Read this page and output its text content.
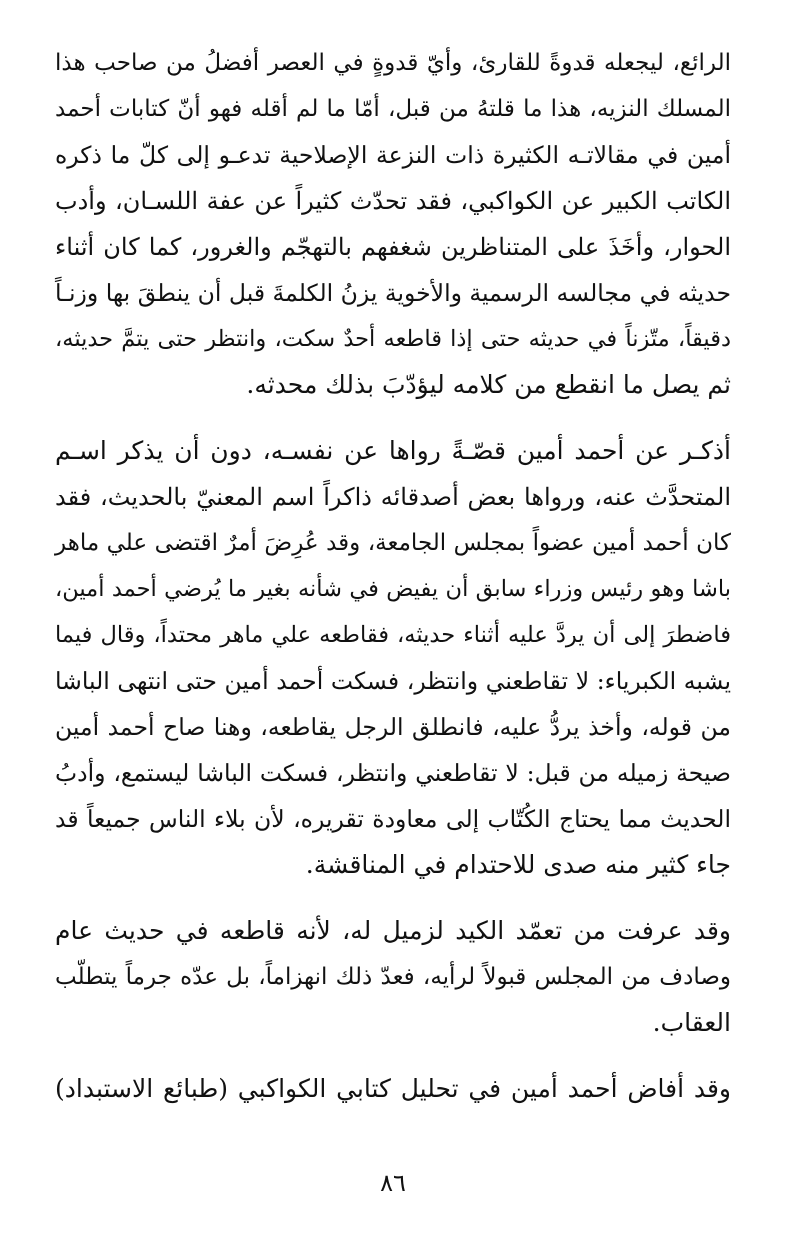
الرائع، ليجعله قدوةً للقارئ، وأيّ قدوةٍ في العصر أفضلُ من صاحب هذا
المسلك النزيه، هذا ما قلتهُ من قبل، أمّا ما لم أقله فهو أنّ كتابات أحمد
أمين في مقالاتـه الكثيرة ذات النزعة الإصلاحية تدعـو إلى كلّ ما ذكره
الكاتب الكبير عن الكواكبي، فقد تحدّث كثيراً عن عفة اللسـان، وأدب
الحوار، وأخَذَ على المتناظرين شغفهم بالتهجّم والغرور، كما كان أثناء
حديثه في مجالسه الرسمية والأخوية يزنُ الكلمةَ قبل أن ينطقَ بها وزنـاً
دقيقاً، متّزناً في حديثه حتى إذا قاطعه أحدٌ سكت، وانتظر حتى يتمَّ حديثه،
ثم يصل ما انقطع من كلامه ليؤدّبَ بذلك محدثه.
أذكـر عن أحمد أمين قصّـةً رواها عن نفسـه، دون أن يذكر اسـم
المتحدَّث عنه، ورواها بعض أصدقائه ذاكراً اسم المعنيّ بالحديث، فقد
كان أحمد أمين عضواً بمجلس الجامعة، وقد عُرِضَ أمرٌ اقتضى علي ماهر
باشا وهو رئيس وزراء سابق أن يفيض في شأنه بغير ما يُرضي أحمد أمين،
فاضطرَ إلى أن يردَّ عليه أثناء حديثه، فقاطعه علي ماهر محتداً، وقال فيما
يشبه الكبرياء: لا تقاطعني وانتظر، فسكت أحمد أمين حتى انتهى الباشا
من قوله، وأخذ يردُّ عليه، فانطلق الرجل يقاطعه، وهنا صاح أحمد أمين
صيحة زميله من قبل: لا تقاطعني وانتظر، فسكت الباشا ليستمع، وأدبُ
الحديث مما يحتاج الكُتّاب إلى معاودة تقريره، لأن بلاء الناس جميعاً قد
جاء كثير منه صدى للاحتدام في المناقشة.
وقد عرفت من تعمّد الكيد لزميل له، لأنه قاطعه في حديث عام
وصادف من المجلس قبولاً لرأيه، فعدّ ذلك انهزاماً، بل عدّه جرماً يتطلّب
العقاب.
وقد أفاض أحمد أمين في تحليل كتابي الكواكبي (طبائع الاستبداد)
٨٦
